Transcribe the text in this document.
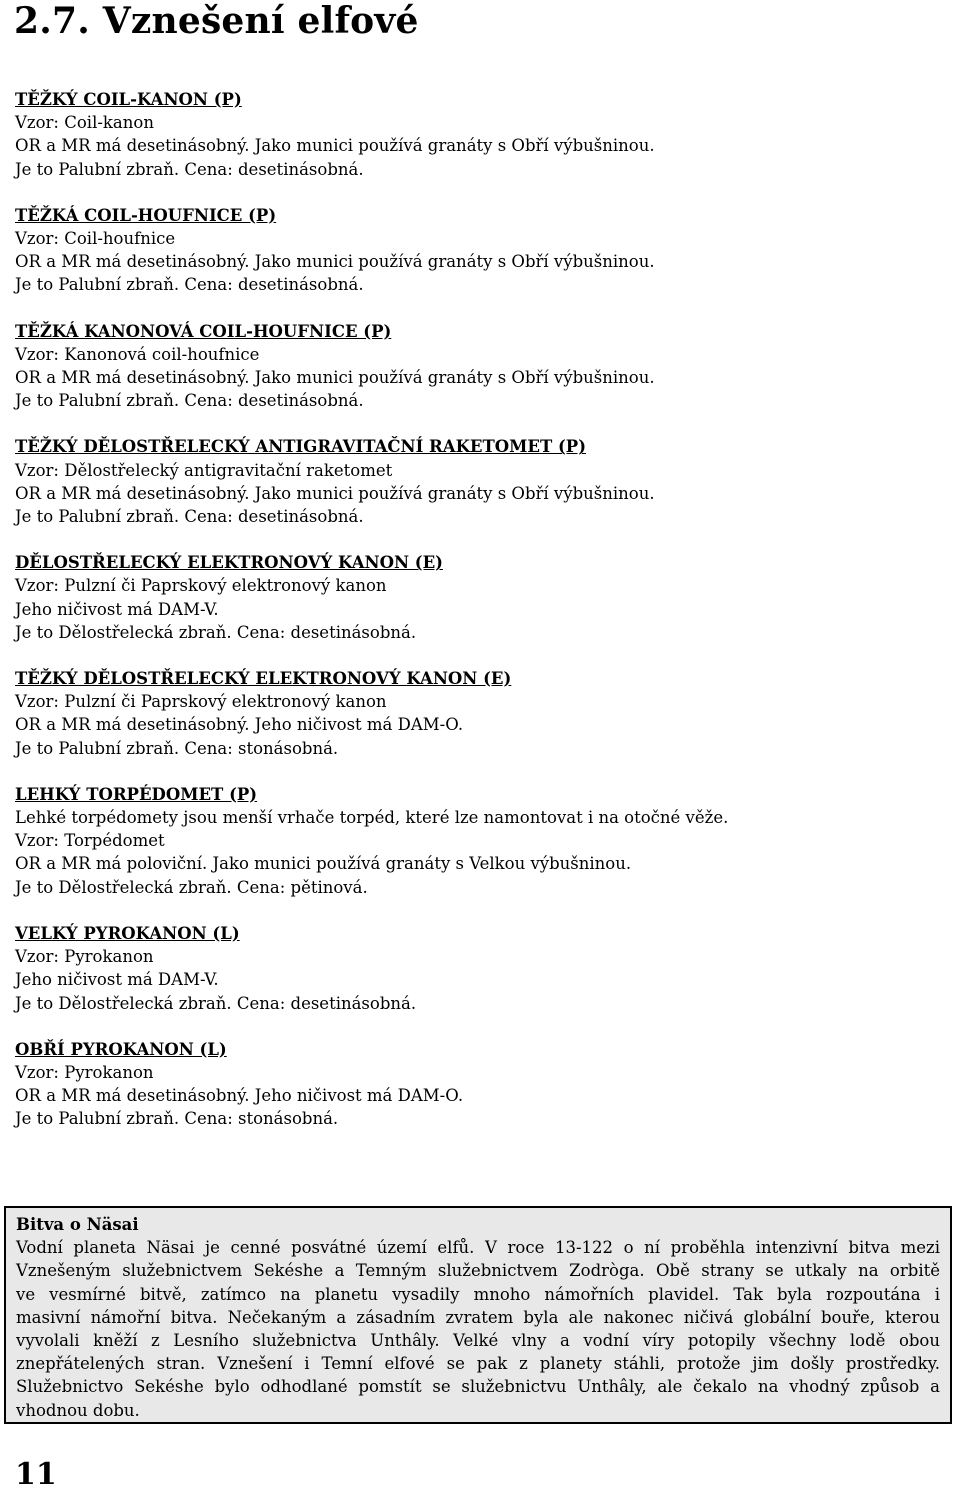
2.7. Vznešení elfové
TĚŽKÝ COIL-KANON (P)
Vzor: Coil-kanon
OR a MR má desetinásobný. Jako munici používá granáty s Obří výbušninou.
Je to Palubní zbraň. Cena: desetinásobná.
TĚŽKÁ COIL-HOUFNICE (P)
Vzor: Coil-houfnice
OR a MR má desetinásobný. Jako munici používá granáty s Obří výbušninou.
Je to Palubní zbraň. Cena: desetinásobná.
TĚŽKÁ KANONOVÁ COIL-HOUFNICE (P)
Vzor: Kanonová coil-houfnice
OR a MR má desetinásobný. Jako munici používá granáty s Obří výbušninou.
Je to Palubní zbraň. Cena: desetinásobná.
TĚŽKÝ DĚLOSTŘELECKÝ ANTIGRAVITAČNÍ RAKETOMET (P)
Vzor: Dělostřelecký antigravitační raketomet
OR a MR má desetinásobný. Jako munici používá granáty s Obří výbušninou.
Je to Palubní zbraň. Cena: desetinásobná.
DĚLOSTŘELECKÝ ELEKTRONOVÝ KANON (E)
Vzor: Pulzní či Paprskový elektronový kanon
Jeho ničivost má DAM-V.
Je to Dělostřelecká zbraň. Cena: desetinásobná.
TĚŽKÝ DĚLOSTŘELECKÝ ELEKTRONOVÝ KANON (E)
Vzor: Pulzní či Paprskový elektronový kanon
OR a MR má desetinásobný. Jeho ničivost má DAM-O.
Je to Palubní zbraň. Cena: stonásobná.
LEHKÝ TORPÉDOMET (P)
Lehké torpédomety jsou menší vrhače torpéd, které lze namontovat i na otočné věže.
Vzor: Torpédomet
OR a MR má poloviční. Jako munici používá granáty s Velkou výbušninou.
Je to Dělostřelecká zbraň. Cena: pětinová.
VELKÝ PYROKANON (L)
Vzor: Pyrokanon
Jeho ničivost má DAM-V.
Je to Dělostřelecká zbraň. Cena: desetinásobná.
OBŘÍ PYROKANON (L)
Vzor: Pyrokanon
OR a MR má desetinásobný. Jeho ničivost má DAM-O.
Je to Palubní zbraň. Cena: stonásobná.
Bitva o Näsai
Vodní planeta Näsai je cenné posvátné území elfů. V roce 13-122 o ní proběhla intenzivní bitva mezi
Vznešeným služebnictvem Sekéshe a Temným služebnictvem Zodròga. Obě strany se utkaly na orbitě
ve vesmírné bitvě, zatímco na planetu vysadily mnoho námořních plavidel. Tak byla rozpoutána i
masivní námořní bitva. Nečekaným a zásadním zvratem byla ale nakonec ničivá globální bouře, kterou
vyvolali kněží z Lesního služebnictva Unthâly. Velké vlny a vodní víry potopily všechny lodě obou
znepřátelených stran. Vznešení i Temní elfové se pak z planety stáhli, protože jim došly prostředky.
Služebnictvo Sekéshe bylo odhodlané pomstít se služebnictvu Unthâly, ale čekalo na vhodný způsob a
vhodnou dobu.
11
